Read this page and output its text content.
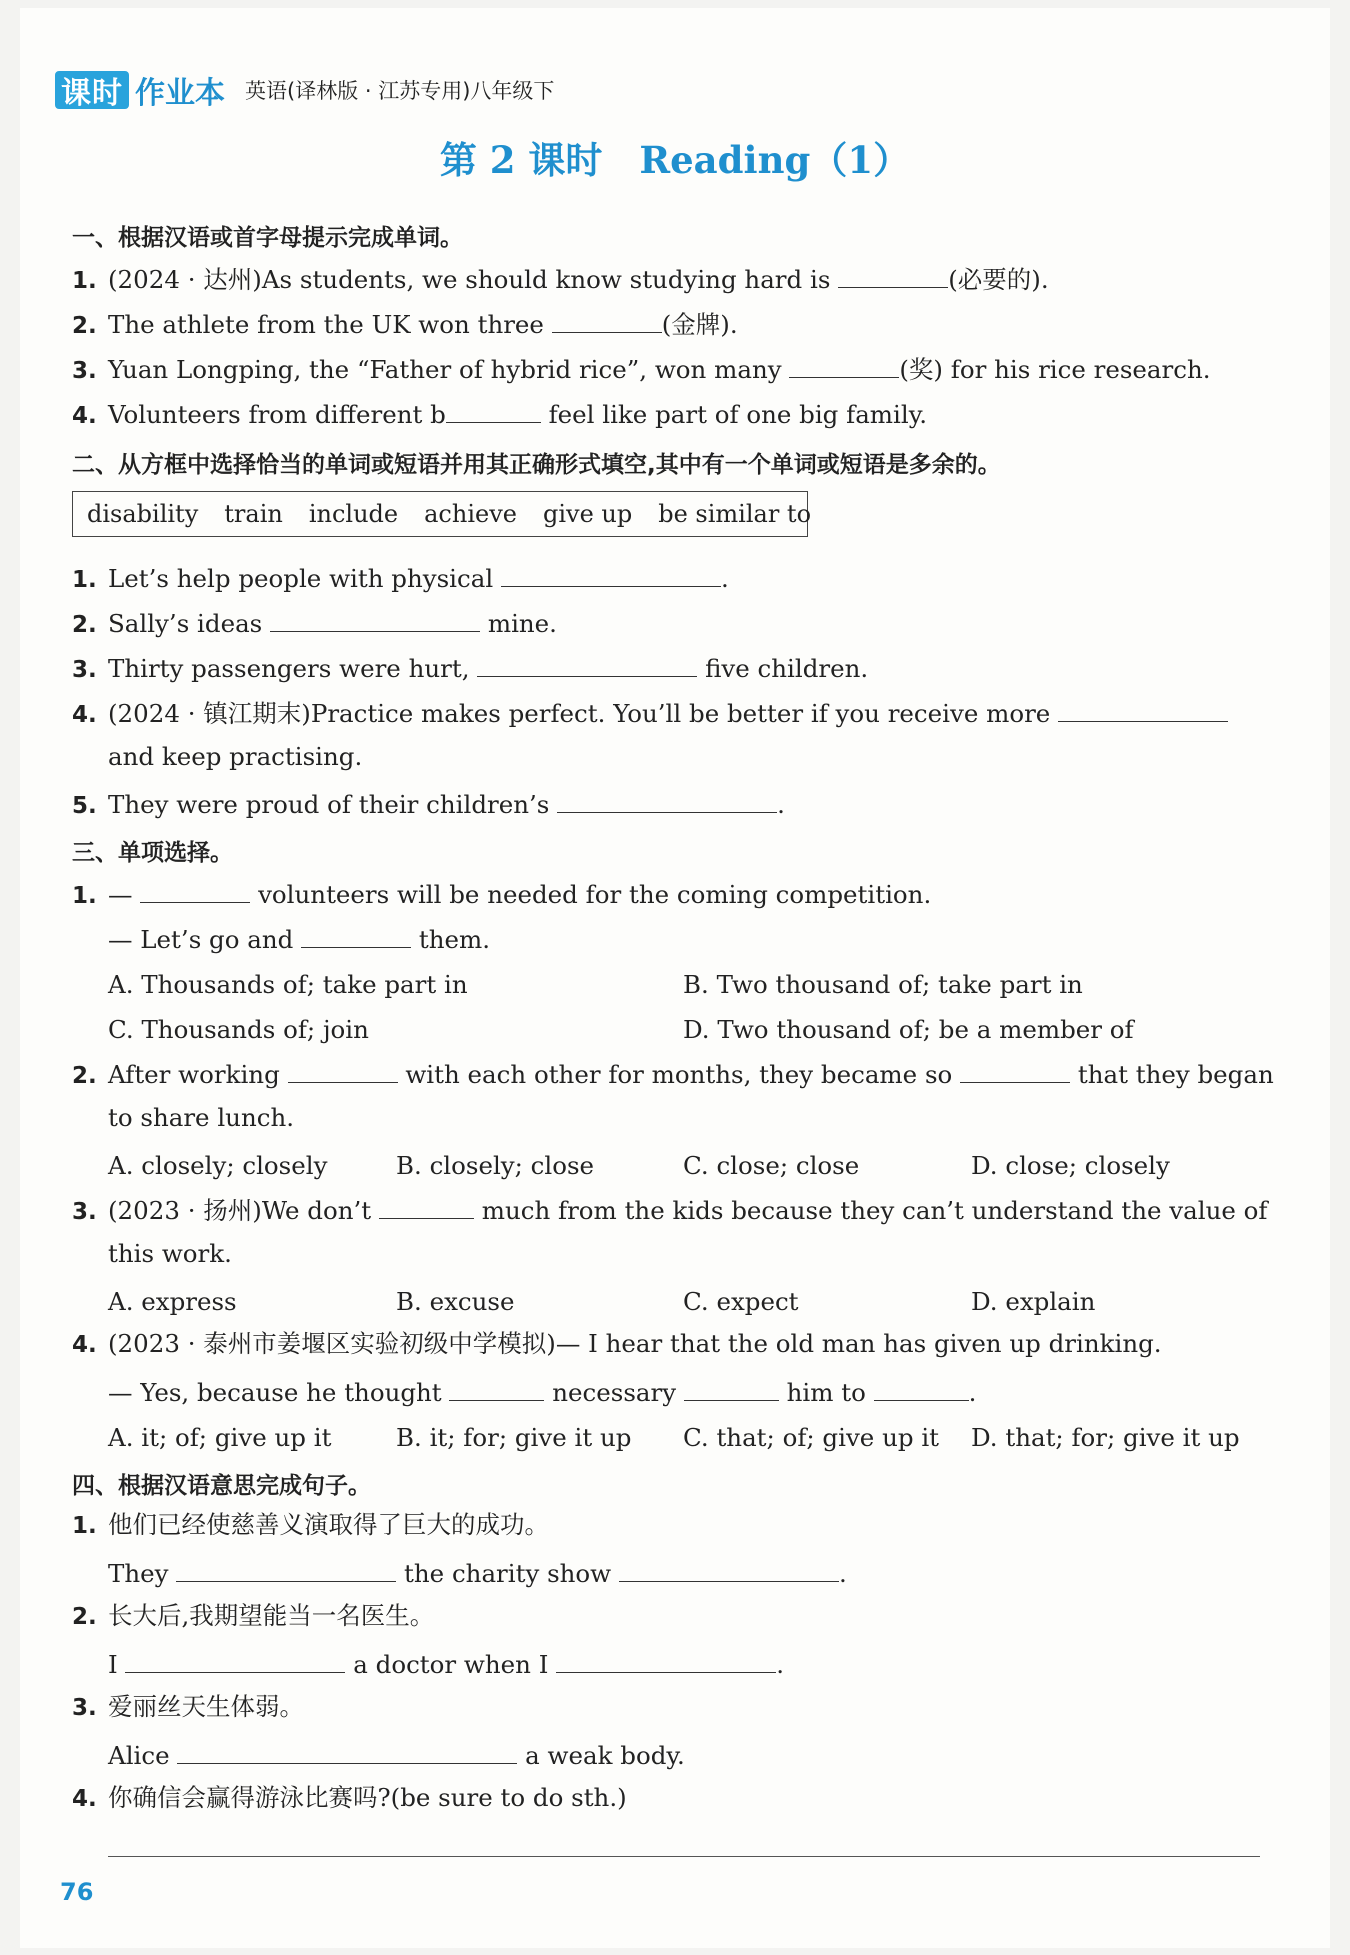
课时 作业本 英语(译林版 · 江苏专用)八年级下
第 2 课时　Reading（1）
一、根据汉语或首字母提示完成单词。
1. (2024 · 达州)As students, we should know studying hard is	(必要的).
2. The athlete from the UK won three	(金牌).
3. Yuan Longping, the “Father of hybrid rice”, won many	(奖) for his rice research.
4. Volunteers from different b	feel like part of one big family.
二、从方框中选择恰当的单词或短语并用其正确形式填空,其中有一个单词或短语是多余的。
disability train include achieve give up be similar to
1. Let’s help people with physical	.
2. Sally’s ideas	mine.
3. Thirty passengers were hurt,	five children.
4. (2024 · 镇江期末)Practice makes perfect. You’ll be better if you receive more
and keep practising.
5. They were proud of their children’s	.
三、单项选择。
1. —	volunteers will be needed for the coming competition.
— Let’s go and	them.
A. Thousands of; take part in	B. Two thousand of; take part in
C. Thousands of; join	D. Two thousand of; be a member of
2. After working	with each other for months, they became so	that they began
to share lunch.
A. closely; closely	B. closely; close	C. close; close	D. close; closely
3. (2023 · 扬州)We don’t	much from the kids because they can’t understand the value of
this work.
A. express	B. excuse	C. expect	D. explain
4. (2023 · 泰州市姜堰区实验初级中学模拟)— I hear that the old man has given up drinking.
— Yes, because he thought	necessary	him to	.
A. it; of; give up it	B. it; for; give it up C. that; of; give up it D. that; for; give it up
四、根据汉语意思完成句子。
1. 他们已经使慈善义演取得了巨大的成功。
They	the charity show	.
2. 长大后,我期望能当一名医生。
I	a doctor when I	.
3. 爱丽丝天生体弱。
Alice	a weak body.
4. 你确信会赢得游泳比赛吗?(be sure to do sth.)
76
